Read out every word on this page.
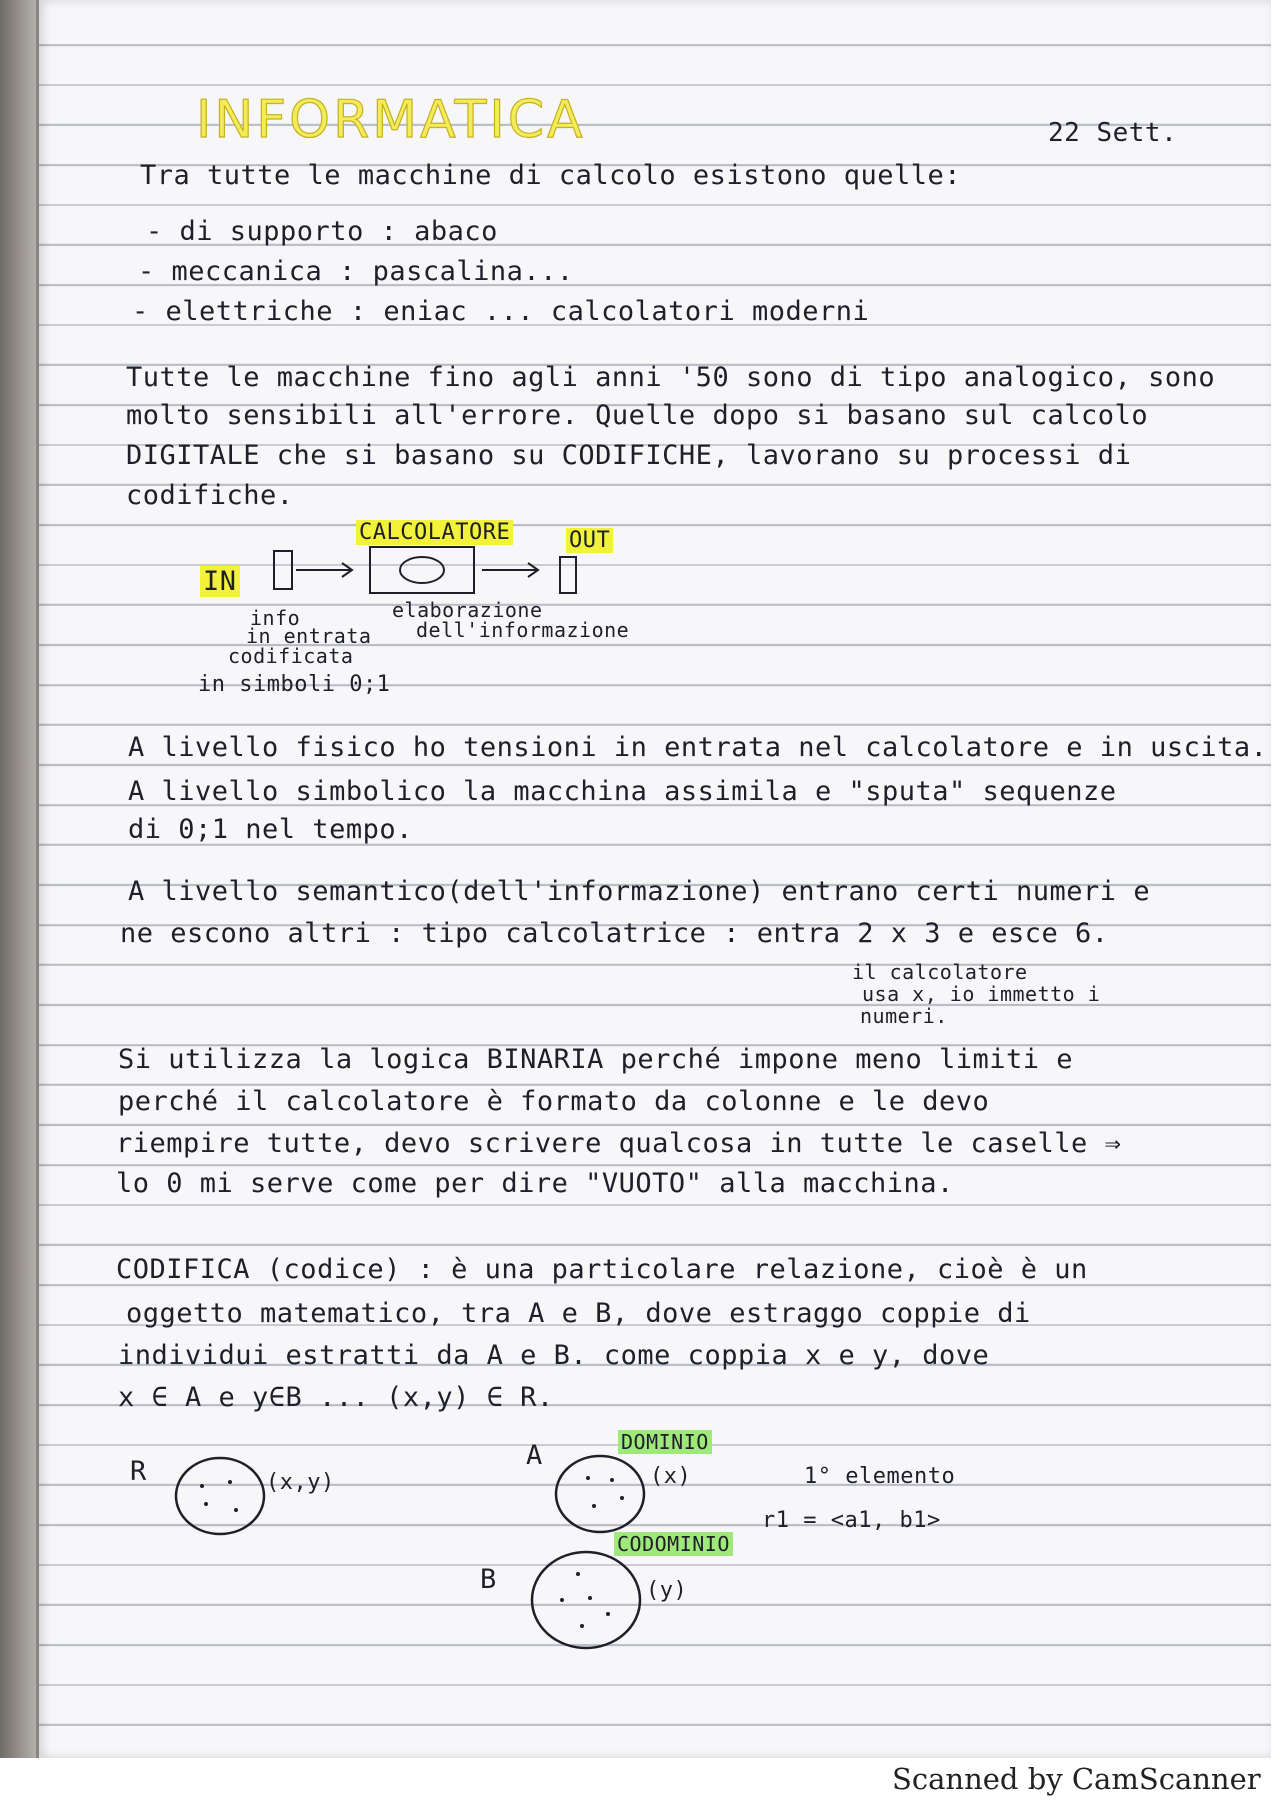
INFORMATICA	22 Sett.
Tra tutte le macchine di calcolo esistono quelle:
- di supporto : abaco
- meccanica : pascalina...
- elettriche : eniac ... calcolatori moderni
Tutte le macchine fino agli anni '50 sono di tipo analogico, sono
molto sensibili all'errore. Quelle dopo si basano sul calcolo
DIGITALE che si basano su CODIFICHE, lavorano su processi di
codifiche.
CALCOLATORE	OUT
IN
info
in entrata
codificata
in simboli 0;1
elaborazione
dell'informazione
A livello fisico ho tensioni in entrata nel calcolatore e in uscita.
A livello simbolico la macchina assimila e "sputa" sequenze
di 0;1 nel tempo.
A livello semantico(dell'informazione) entrano certi numeri e
ne escono altri : tipo calcolatrice : entra 2 x 3 e esce 6.
il calcolatore
usa x, io immetto i
numeri.
Si utilizza la logica BINARIA perché impone meno limiti e
perché il calcolatore è formato da colonne e le devo
riempire tutte, devo scrivere qualcosa in tutte le caselle ⇒
lo 0 mi serve come per dire "VUOTO" alla macchina.
CODIFICA (codice) : è una particolare relazione, cioè è un
oggetto matematico, tra A e B, dove estraggo coppie di
individui estratti da A e B. come coppia x e y, dove
x ∈ A e y∈B ... (x,y) ∈ R.
R	(x,y)
A	DOMINIO
(x)	1° elemento
r1 = <a1, b1>
CODOMINIO
B	(y)
Scanned by CamScanner
